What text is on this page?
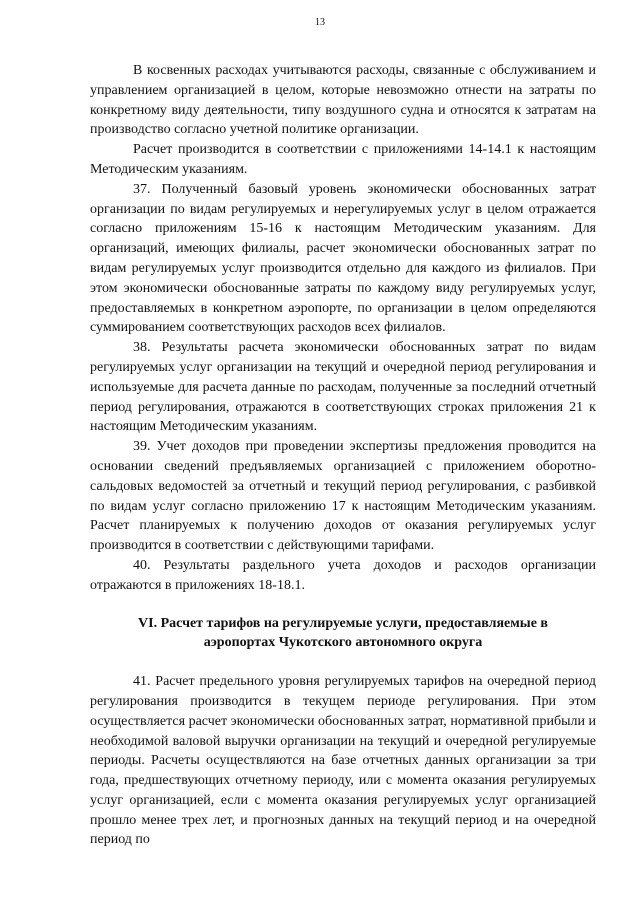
13

В косвенных расходах учитываются расходы, связанные с обслуживанием и управлением организацией в целом, которые невозможно отнести на затраты по конкретному виду деятельности, типу воздушного судна и относятся к затратам на производство согласно учетной политике организации.

Расчет производится в соответствии с приложениями 14-14.1 к настоящим Методическим указаниям.

37. Полученный базовый уровень экономически обоснованных затрат организации по видам регулируемых и нерегулируемых услуг в целом отражается согласно приложениям 15-16 к настоящим Методическим указаниям. Для организаций, имеющих филиалы, расчет экономически обоснованных затрат по видам регулируемых услуг производится отдельно для каждого из филиалов. При этом экономически обоснованные затраты по каждому виду регулируемых услуг, предоставляемых в конкретном аэропорте, по организации в целом определяются суммированием соответствующих расходов всех филиалов.

38. Результаты расчета экономически обоснованных затрат по видам регулируемых услуг организации на текущий и очередной период регулирования и используемые для расчета данные по расходам, полученные за последний отчетный период регулирования, отражаются в соответствующих строках приложения 21 к настоящим Методическим указаниям.

39. Учет доходов при проведении экспертизы предложения проводится на основании сведений предъявляемых организацией с приложением оборотно-сальдовых ведомостей за отчетный и текущий период регулирования, с разбивкой по видам услуг согласно приложению 17 к настоящим Методическим указаниям. Расчет планируемых к получению доходов от оказания регулируемых услуг производится в соответствии с действующими тарифами.

40. Результаты раздельного учета доходов и расходов организации отражаются в приложениях 18-18.1.

VI. Расчет тарифов на регулируемые услуги, предоставляемые в
аэропортах Чукотского автономного округа

41. Расчет предельного уровня регулируемых тарифов на очередной период регулирования производится в текущем периоде регулирования. При этом осуществляется расчет экономически обоснованных затрат, нормативной прибыли и необходимой валовой выручки организации на текущий и очередной регулируемые периоды. Расчеты осуществляются на базе отчетных данных организации за три года, предшествующих отчетному периоду, или с момента оказания регулируемых услуг организацией, если с момента оказания регулируемых услуг организацией прошло менее трех лет, и прогнозных данных на текущий период и на очередной период по
